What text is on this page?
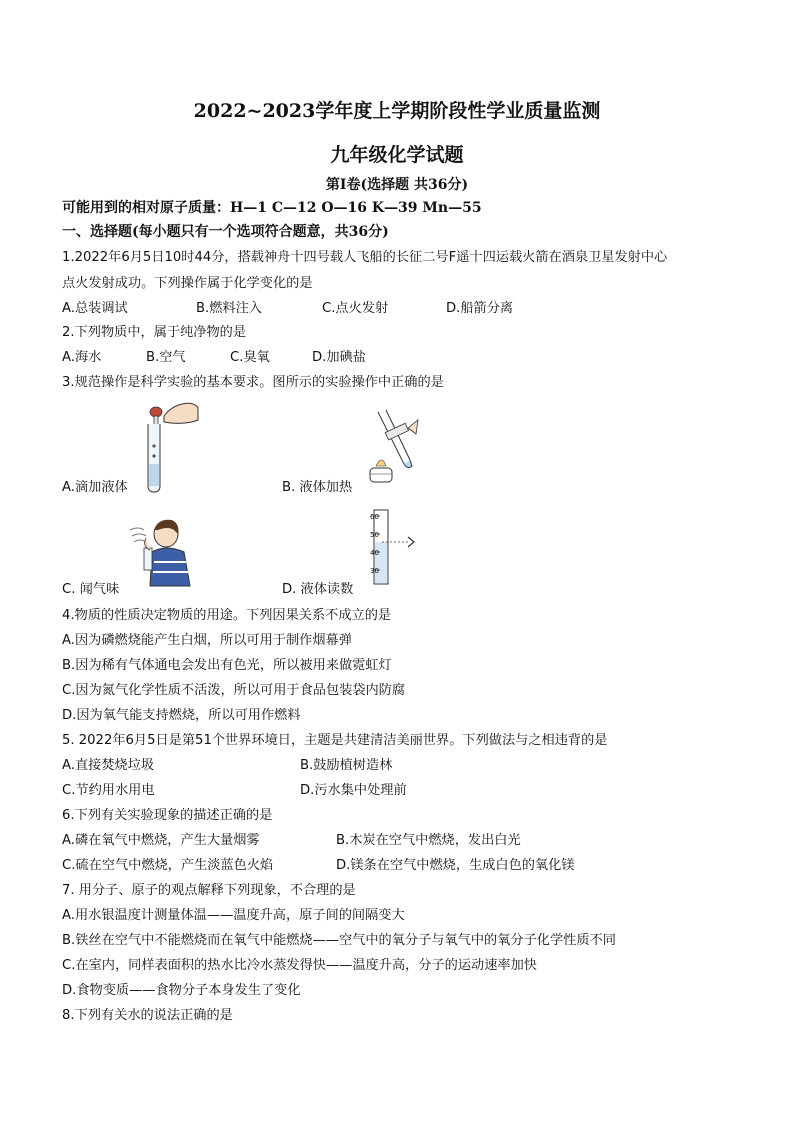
2022~2023学年度上学期阶段性学业质量监测
九年级化学试题
第Ⅰ卷(选择题 共36分)
可能用到的相对原子质量：H—1 C—12 O—16 K—39 Mn—55
一、选择题(每小题只有一个选项符合题意，共36分)
1.2022年6月5日10时44分，搭载神舟十四号载人飞船的长征二号F遥十四运载火箭在酒泉卫星发射中心
点火发射成功。下列操作属于化学变化的是
A.总装调试	B.燃料注入	C.点火发射	D.船箭分离
2.下列物质中，属于纯净物的是
A.海水	B.空气	C.臭氧	D.加碘盐
3.规范操作是科学实验的基本要求。图所示的实验操作中正确的是
A.滴加液体	B. 液体加热
60
50
40
30
C. 闻气味	D. 液体读数
4.物质的性质决定物质的用途。下列因果关系不成立的是
A.因为磷燃烧能产生白烟，所以可用于制作烟幕弹
B.因为稀有气体通电会发出有色光，所以被用来做霓虹灯
C.因为氮气化学性质不活泼，所以可用于食品包装袋内防腐
D.因为氧气能支持燃烧，所以可用作燃料
5. 2022年6月5日是第51个世界环境日，主题是共建清洁美丽世界。下列做法与之相违背的是
A.直接焚烧垃圾	B.鼓励植树造林
C.节约用水用电	D.污水集中处理前
6.下列有关实验现象的描述正确的是
A.磷在氧气中燃烧，产生大量烟雾	B.木炭在空气中燃烧，发出白光
C.硫在空气中燃烧，产生淡蓝色火焰	D.镁条在空气中燃烧，生成白色的氧化镁
7. 用分子、原子的观点解释下列现象，不合理的是
A.用水银温度计测量体温——温度升高，原子间的间隔变大
B.铁丝在空气中不能燃烧而在氧气中能燃烧——空气中的氧分子与氧气中的氧分子化学性质不同
C.在室内，同样表面积的热水比冷水蒸发得快——温度升高，分子的运动速率加快
D.食物变质——食物分子本身发生了变化
8.下列有关水的说法正确的是
